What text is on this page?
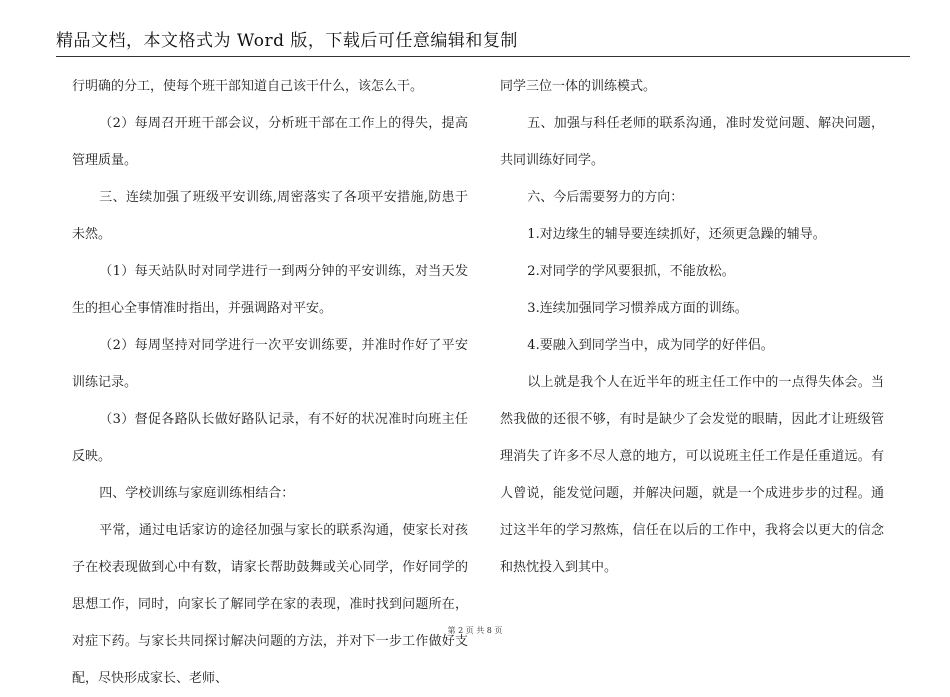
精品文档，本文格式为 Word 版，下载后可任意编辑和复制

行明确的分工，使每个班干部知道自己该干什么，该怎么干。

（2）每周召开班干部会议，分析班干部在工作上的得失，提高管理质量。

三、连续加强了班级平安训练,周密落实了各项平安措施,防患于未然。

（1）每天站队时对同学进行一到两分钟的平安训练，对当天发生的担心全事情准时指出，并强调路对平安。

（2）每周坚持对同学进行一次平安训练要，并准时作好了平安训练记录。

（3）督促各路队长做好路队记录，有不好的状况准时向班主任反映。

四、学校训练与家庭训练相结合：

平常，通过电话家访的途径加强与家长的联系沟通，使家长对孩子在校表现做到心中有数，请家长帮助鼓舞或关心同学，作好同学的思想工作，同时，向家长了解同学在家的表现，准时找到问题所在，对症下药。与家长共同探讨解决问题的方法，并对下一步工作做好支配，尽快形成家长、老师、

同学三位一体的训练模式。

五、加强与科任老师的联系沟通，准时发觉问题、解决问题，共同训练好同学。

六、今后需要努力的方向：

1.对边缘生的辅导要连续抓好，还须更急躁的辅导。

2.对同学的学风要狠抓，不能放松。

3.连续加强同学习惯养成方面的训练。

4.要融入到同学当中，成为同学的好伴侣。

以上就是我个人在近半年的班主任工作中的一点得失体会。当然我做的还很不够，有时是缺少了会发觉的眼睛，因此才让班级管理消失了许多不尽人意的地方，可以说班主任工作是任重道远。有人曾说，能发觉问题，并解决问题，就是一个成进步步的过程。通过这半年的学习熬炼，信任在以后的工作中，我将会以更大的信念和热忱投入到其中。

第 2 页 共 8 页
